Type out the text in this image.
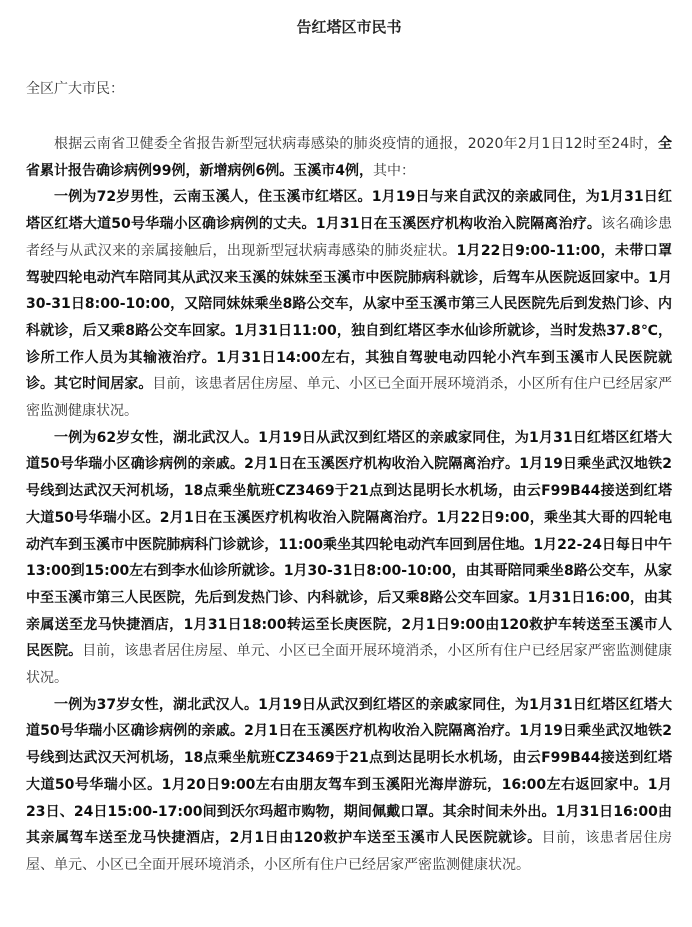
告红塔区市民书

全区广大市民：

根据云南省卫健委全省报告新型冠状病毒感染的肺炎疫情的通报，2020年2月1日12时至24时，全省累计报告确诊病例99例，新增病例6例。玉溪市4例，其中：

一例为72岁男性，云南玉溪人，住玉溪市红塔区。1月19日与来自武汉的亲戚同住，为1月31日红塔区红塔大道50号华瑞小区确诊病例的丈夫。1月31日在玉溪医疗机构收治入院隔离治疗。该名确诊患者经与从武汉来的亲属接触后，出现新型冠状病毒感染的肺炎症状。1月22日9:00-11:00，未带口罩驾驶四轮电动汽车陪同其从武汉来玉溪的妹妹至玉溪市中医院肺病科就诊，后驾车从医院返回家中。1月30-31日8:00-10:00，又陪同妹妹乘坐8路公交车，从家中至玉溪市第三人民医院先后到发热门诊、内科就诊，后又乘8路公交车回家。1月31日11:00，独自到红塔区李水仙诊所就诊，当时发热37.8℃，诊所工作人员为其输液治疗。1月31日14:00左右，其独自驾驶电动四轮小汽车到玉溪市人民医院就诊。其它时间居家。目前，该患者居住房屋、单元、小区已全面开展环境消杀，小区所有住户已经居家严密监测健康状况。

一例为62岁女性，湖北武汉人。1月19日从武汉到红塔区的亲戚家同住，为1月31日红塔区红塔大道50号华瑞小区确诊病例的亲戚。2月1日在玉溪医疗机构收治入院隔离治疗。1月19日乘坐武汉地铁2号线到达武汉天河机场，18点乘坐航班CZ3469于21点到达昆明长水机场，由云F99B44接送到红塔大道50号华瑞小区。2月1日在玉溪医疗机构收治入院隔离治疗。1月22日9:00，乘坐其大哥的四轮电动汽车到玉溪市中医院肺病科门诊就诊，11:00乘坐其四轮电动汽车回到居住地。1月22-24日每日中午13:00到15:00左右到李水仙诊所就诊。1月30-31日8:00-10:00，由其哥陪同乘坐8路公交车，从家中至玉溪市第三人民医院，先后到发热门诊、内科就诊，后又乘8路公交车回家。1月31日16:00，由其亲属送至龙马快捷酒店，1月31日18:00转运至长庚医院，2月1日9:00由120救护车转送至玉溪市人民医院。目前，该患者居住房屋、单元、小区已全面开展环境消杀，小区所有住户已经居家严密监测健康状况。

一例为37岁女性，湖北武汉人。1月19日从武汉到红塔区的亲戚家同住，为1月31日红塔区红塔大道50号华瑞小区确诊病例的亲戚。2月1日在玉溪医疗机构收治入院隔离治疗。1月19日乘坐武汉地铁2号线到达武汉天河机场，18点乘坐航班CZ3469于21点到达昆明长水机场，由云F99B44接送到红塔大道50号华瑞小区。1月20日9:00左右由朋友驾车到玉溪阳光海岸游玩，16:00左右返回家中。1月23日、24日15:00-17:00间到沃尔玛超市购物，期间佩戴口罩。其余时间未外出。1月31日16:00由其亲属驾车送至龙马快捷酒店，2月1日由120救护车送至玉溪市人民医院就诊。目前，该患者居住房屋、单元、小区已全面开展环境消杀，小区所有住户已经居家严密监测健康状况。
